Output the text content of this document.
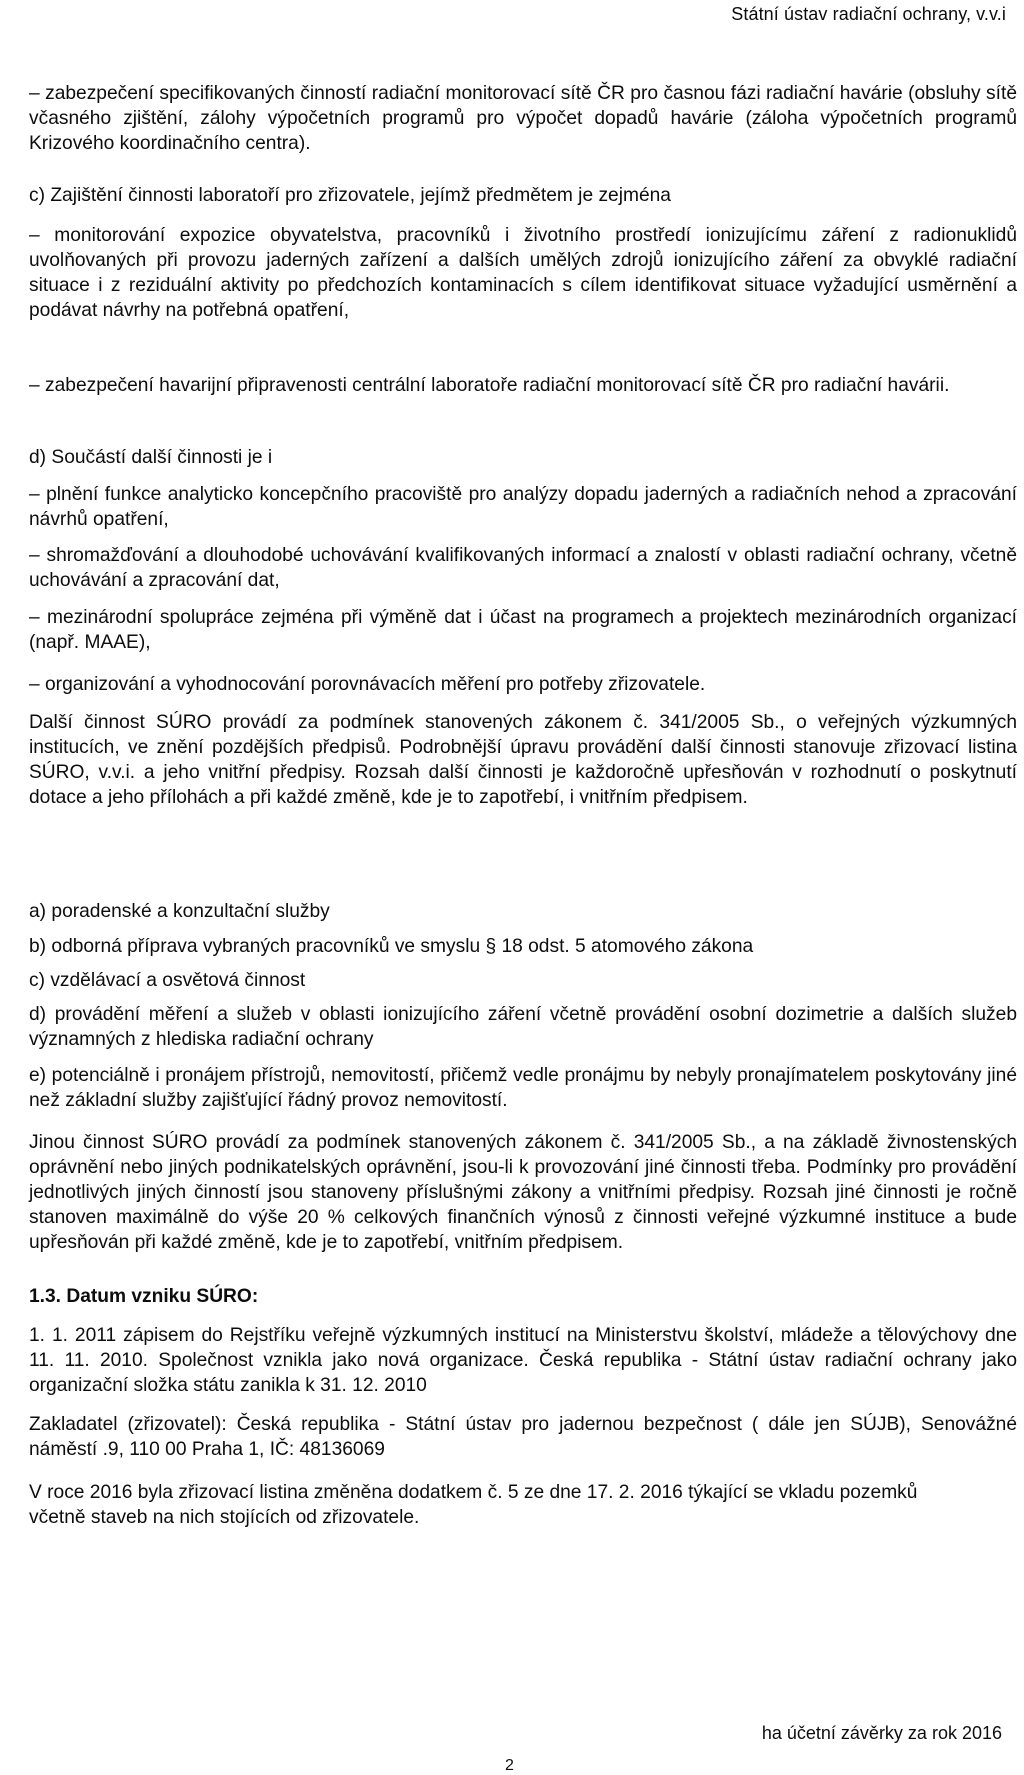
Státní ústav radiační ochrany, v.v.i

– zabezpečení specifikovaných činností radiační monitorovací sítě ČR pro časnou fázi radiační havárie (obsluhy sítě včasného zjištění, zálohy výpočetních programů pro výpočet dopadů havárie (záloha výpočetních programů Krizového koordinačního centra).

c) Zajištění činnosti laboratoří pro zřizovatele, jejímž předmětem je zejména

– monitorování expozice obyvatelstva, pracovníků i životního prostředí ionizujícímu záření z radionuklidů uvolňovaných při provozu jaderných zařízení a dalších umělých zdrojů ionizujícího záření za obvyklé radiační situace i z reziduální aktivity po předchozích kontaminacích s cílem identifikovat situace vyžadující usměrnění a podávat návrhy na potřebná opatření,

– zabezpečení havarijní připravenosti centrální laboratoře radiační monitorovací sítě ČR pro radiační havárii.

d) Součástí další činnosti je i

– plnění funkce analyticko koncepčního pracoviště pro analýzy dopadu jaderných a radiačních nehod a zpracování návrhů opatření,

– shromažďování a dlouhodobé uchovávání kvalifikovaných informací a znalostí v oblasti radiační ochrany, včetně uchovávání a zpracování dat,

– mezinárodní spolupráce zejména při výměně dat i účast na programech a projektech mezinárodních organizací (např. MAAE),

– organizování a vyhodnocování porovnávacích měření pro potřeby zřizovatele.

Další činnost SÚRO provádí za podmínek stanovených zákonem č. 341/2005 Sb., o veřejných výzkumných institucích, ve znění pozdějších předpisů. Podrobnější úpravu provádění další činnosti stanovuje zřizovací listina SÚRO, v.v.i. a jeho vnitřní předpisy. Rozsah další činnosti je každoročně upřesňován v rozhodnutí o poskytnutí dotace a jeho přílohách a při každé změně, kde je to zapotřebí, i vnitřním předpisem.

a) poradenské a konzultační služby

b) odborná příprava vybraných pracovníků ve smyslu § 18 odst. 5 atomového zákona

c) vzdělávací a osvětová činnost

d) provádění měření a služeb v oblasti ionizujícího záření včetně provádění osobní dozimetrie a dalších služeb významných z hlediska radiační ochrany

e) potenciálně i pronájem přístrojů, nemovitostí, přičemž vedle pronájmu by nebyly pronajímatelem poskytovány jiné než základní služby zajišťující řádný provoz nemovitostí.

Jinou činnost SÚRO provádí za podmínek stanovených zákonem č. 341/2005 Sb., a na základě živnostenských oprávnění nebo jiných podnikatelských oprávnění, jsou-li k provozování jiné činnosti třeba. Podmínky pro provádění jednotlivých jiných činností jsou stanoveny příslušnými zákony a vnitřními předpisy. Rozsah jiné činnosti je ročně stanoven maximálně do výše 20 % celkových finančních výnosů z činnosti veřejné výzkumné instituce a bude upřesňován při každé změně, kde je to zapotřebí, vnitřním předpisem.

1.3. Datum vzniku SÚRO:

1. 1. 2011 zápisem do Rejstříku veřejně výzkumných institucí na Ministerstvu školství, mládeže a tělovýchovy dne 11. 11. 2010. Společnost vznikla jako nová organizace. Česká republika - Státní ústav radiační ochrany jako organizační složka státu zanikla k 31. 12. 2010

Zakladatel (zřizovatel): Česká republika - Státní ústav pro jadernou bezpečnost ( dále jen SÚJB), Senovážné náměstí .9, 110 00 Praha 1, IČ: 48136069

V roce 2016 byla zřizovací listina změněna dodatkem č. 5 ze dne 17. 2. 2016 týkající se vkladu pozemků včetně staveb na nich stojících od zřizovatele.

ha účetní závěrky za rok 2016
2
